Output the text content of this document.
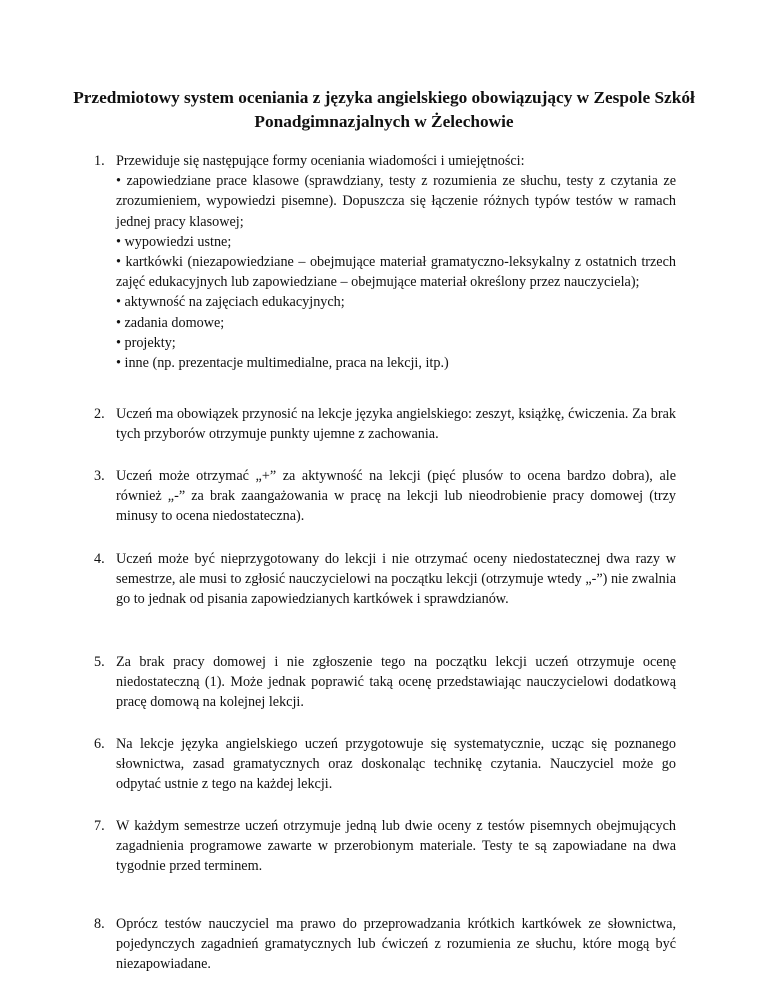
Przedmiotowy system oceniania z języka angielskiego obowiązujący w Zespole Szkół Ponadgimnazjalnych w Żelechowie
1. Przewiduje się następujące formy oceniania wiadomości i umiejętności:
• zapowiedziane prace klasowe (sprawdziany, testy z rozumienia ze słuchu, testy z czytania ze zrozumieniem, wypowiedzi pisemne). Dopuszcza się łączenie różnych typów testów w ramach jednej pracy klasowej;
• wypowiedzi ustne;
• kartkówki (niezapowiedziane – obejmujące materiał gramatyczno-leksykalny z ostatnich trzech zajęć edukacyjnych lub zapowiedziane – obejmujące materiał określony przez nauczyciela);
• aktywność na zajęciach edukacyjnych;
• zadania domowe;
• projekty;
• inne (np. prezentacje multimedialne, praca na lekcji, itp.)

2. Uczeń ma obowiązek przynosić na lekcje języka angielskiego: zeszyt, książkę, ćwiczenia. Za brak tych przyborów otrzymuje punkty ujemne z zachowania.

3. Uczeń może otrzymać „+” za aktywność na lekcji (pięć plusów to ocena bardzo dobra), ale również „-” za brak zaangażowania w pracę na lekcji lub nieodrobienie pracy domowej (trzy minusy to ocena niedostateczna).

4. Uczeń może być nieprzygotowany do lekcji i nie otrzymać oceny niedostatecznej dwa razy w semestrze, ale musi to zgłosić nauczycielowi na początku lekcji (otrzymuje wtedy „-”) nie zwalnia go to jednak od pisania zapowiedzianych kartkówek i sprawdzianów.

5. Za brak pracy domowej i nie zgłoszenie tego na początku lekcji uczeń otrzymuje ocenę niedostateczną (1). Może jednak poprawić taką ocenę przedstawiając nauczycielowi dodatkową pracę domową na kolejnej lekcji.

6. Na lekcje języka angielskiego uczeń przygotowuje się systematycznie, ucząc się poznanego słownictwa, zasad gramatycznych oraz doskonaląc technikę czytania. Nauczyciel może go odpytać ustnie z tego na każdej lekcji.

7. W każdym semestrze uczeń otrzymuje jedną lub dwie oceny z testów pisemnych obejmujących zagadnienia programowe zawarte w przerobionym materiale. Testy te są zapowiadane na dwa tygodnie przed terminem.

8. Oprócz testów nauczyciel ma prawo do przeprowadzania krótkich kartkówek ze słownictwa, pojedynczych zagadnień gramatycznych lub ćwiczeń z rozumienia ze słuchu, które mogą być niezapowiadane.
